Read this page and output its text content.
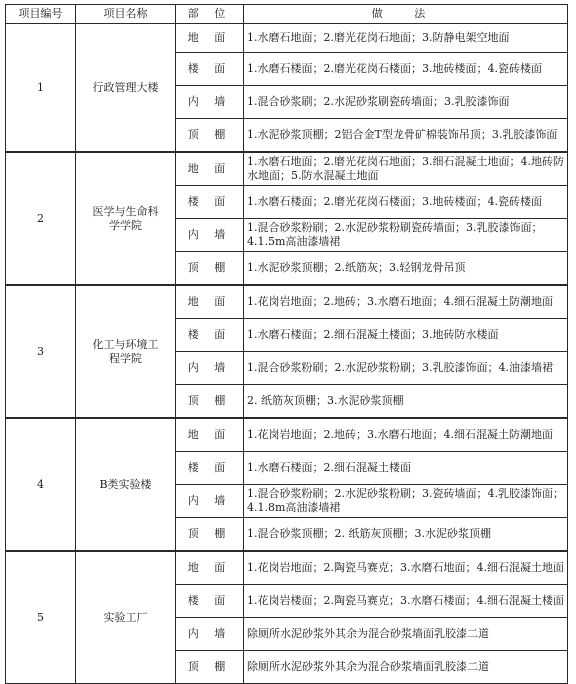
项目编号	项目名称	部 位	做 法
1	行政管理大楼	地 面	1.水磨石地面；2.磨光花岗石地面；3.防静电架空地面
		楼 面	1.水磨石楼面；2.磨光花岗石楼面；3.地砖楼面；4.瓷砖楼面
		内 墙	1.混合砂浆刷；2.水泥砂浆刷瓷砖墙面；3.乳胶漆饰面
		顶 棚	1.水泥砂浆顶棚；2铝合金T型龙骨矿棉装饰吊顶；3.乳胶漆饰面
2	医学与生命科学学院	地 面	1.水磨石地面；2.磨光花岗石地面；3.细石混凝土地面；4.地砖防水地面；5.防水混凝土地面
		楼 面	1.水磨石楼面；2.磨光花岗石楼面；3.地砖楼面；4.瓷砖楼面
		内 墙	1.混合砂浆粉刷；2.水泥砂浆粉刷瓷砖墙面；3.乳胶漆饰面；4.1.5m高油漆墙裙
		顶 棚	1.水泥砂浆顶棚；2.纸筋灰；3.轻钢龙骨吊顶
3	化工与环境工程学院	地 面	1.花岗岩地面；2.地砖；3.水磨石地面；4.细石混凝土防潮地面
		楼 面	1.水磨石楼面；2.细石混凝土楼面；3.地砖防水楼面
		内 墙	1.混合砂浆粉刷；2.水泥砂浆粉刷；3.乳胶漆饰面；4.油漆墙裙
		顶 棚	2. 纸筋灰顶棚；3.水泥砂浆顶棚
4	B类实验楼	地 面	1.花岗岩地面；2.地砖；3.水磨石地面；4.细石混凝土防潮地面
		楼 面	1.水磨石楼面；2.细石混凝土楼面
		内 墙	1.混合砂浆粉刷；2.水泥砂浆粉刷；3.瓷砖墙面；4.乳胶漆饰面；4.1.8m高油漆墙裙
		顶 棚	1.混合砂浆顶棚；2. 纸筋灰顶棚；3.水泥砂浆顶棚
5	实验工厂	地 面	1.花岗岩地面；2.陶瓷马赛克；3.水磨石地面；4.细石混凝土地面
		楼 面	1.花岗岩楼面；2.陶瓷马赛克；3.水磨石楼面；4.细石混凝土楼面
		内 墙	除厕所水泥砂浆外其余为混合砂浆墙面乳胶漆二道
		顶 棚	除厕所水泥砂浆外其余为混合砂浆墙面乳胶漆二道
